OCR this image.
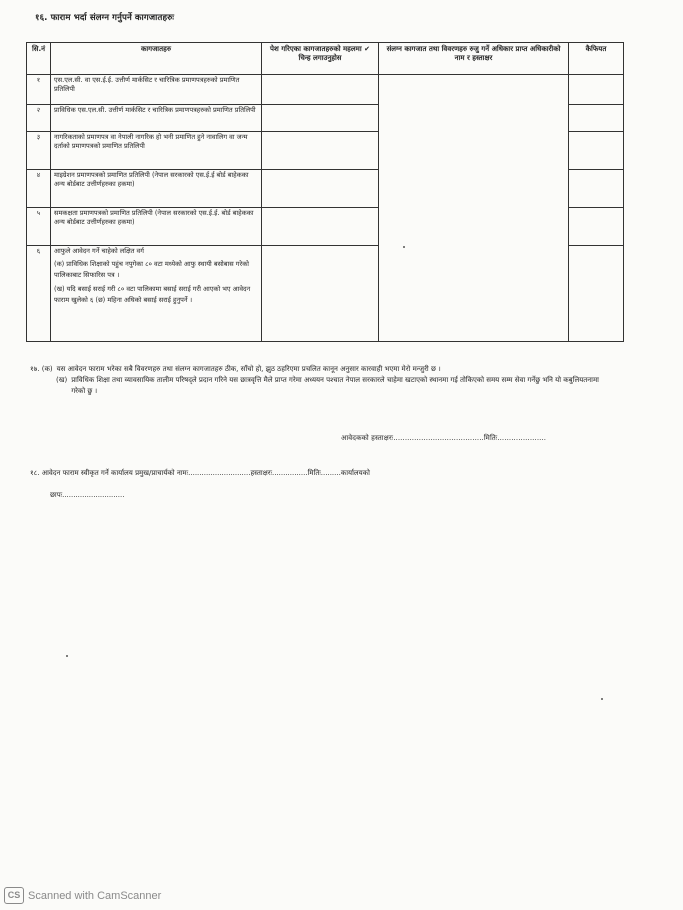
१६. फाराम भर्दा संलग्न गर्नुपर्ने कागजातहरुः
सि.नं	कागजातहरु	पेश गरिएका कागजातहरुको महलमा ✔ चिन्ह लगाउनुहोस	संलग्न कागजात तथा विवरणहरु रुजु गर्ने अधिकार प्राप्त अधिकारीको नाम र हस्ताक्षर	कैफियत
१	एस.एल.सी. वा एस.ई.ई. उत्तीर्ण मार्कसिट र चारित्रिक प्रमाणपत्रहरुको प्रमाणित प्रतिलिपी			
२	प्राविधिक एस.एल.सी. उत्तीर्ण मार्कसिट र चारित्रिक प्रमाणपत्रहरुको प्रमाणित प्रतिलिपी			
३	नागरिकताको प्रमाणपत्र वा नेपाली नागरिक हो भनी प्रमाणित हुने नावालिग वा जन्म दर्ताको प्रमाणपत्रको प्रमाणित प्रतिलिपी			
४	माइग्रेशन प्रमाणपत्रको प्रमाणित प्रतिलिपी (नेपाल सरकारको एस.ई.ई बोर्ड बाहेकका अन्य बोर्डबाट उत्तीर्णहरुका हकमा)			
५	समकक्षता प्रमाणपत्रको प्रमाणित प्रतिलिपी (नेपाल सरकारको एस.ई.ई. बोर्ड बाहेकका अन्य बोर्डबाट उत्तीर्णहरुका हकमा)			
६	आफुले आवेदन गर्ने चाहेको लक्षित वर्ग
(क) प्राविधिक शिक्षाको पहुंच नपुगेका ८० वटा मध्येको आफु स्थायी बसोबास गरेको पालिकाबाट सिफारिस पत्र ।
(ख) यदि बसाई सराई गरी ८० वटा पालिकामा बसाई सराई गरी आएको भए आवेदन फाराम खुलेको ६ (छ) महिना अघिको बसाई सराई हुनुपर्ने ।			

१७. (क) यस आवेदन फाराम भरेका सबै विवरणहरु तथा संलग्न कागजातहरु ठीक, साँचो हो, झुठ ठहरिएमा प्रचलित कानून अनुसार कारवाही भएमा मेरो मन्जुरी छ ।
(ख) प्राविधिक शिक्षा तथा व्यावसायिक तालीम परिषद्ले प्रदान गरिने यस छात्रवृत्ति मैले प्राप्त गरेमा अध्ययन पश्चात नेपाल सरकारले चाहेमा खटाएको स्थानमा गई तोकिएको समय सम्म सेवा गर्नेछु भनि यो कबुलियतनामा गरेको छु ।
आवेदकको हस्ताक्षरः.......................................मितिः.....................
१८. आवेदन फाराम स्वीकृत गर्ने कार्यालय प्रमुख/प्राचार्यको नामः............................हस्ताक्षरः................मितिः.........कार्यालयको
छापः............................
CS Scanned with CamScanner
